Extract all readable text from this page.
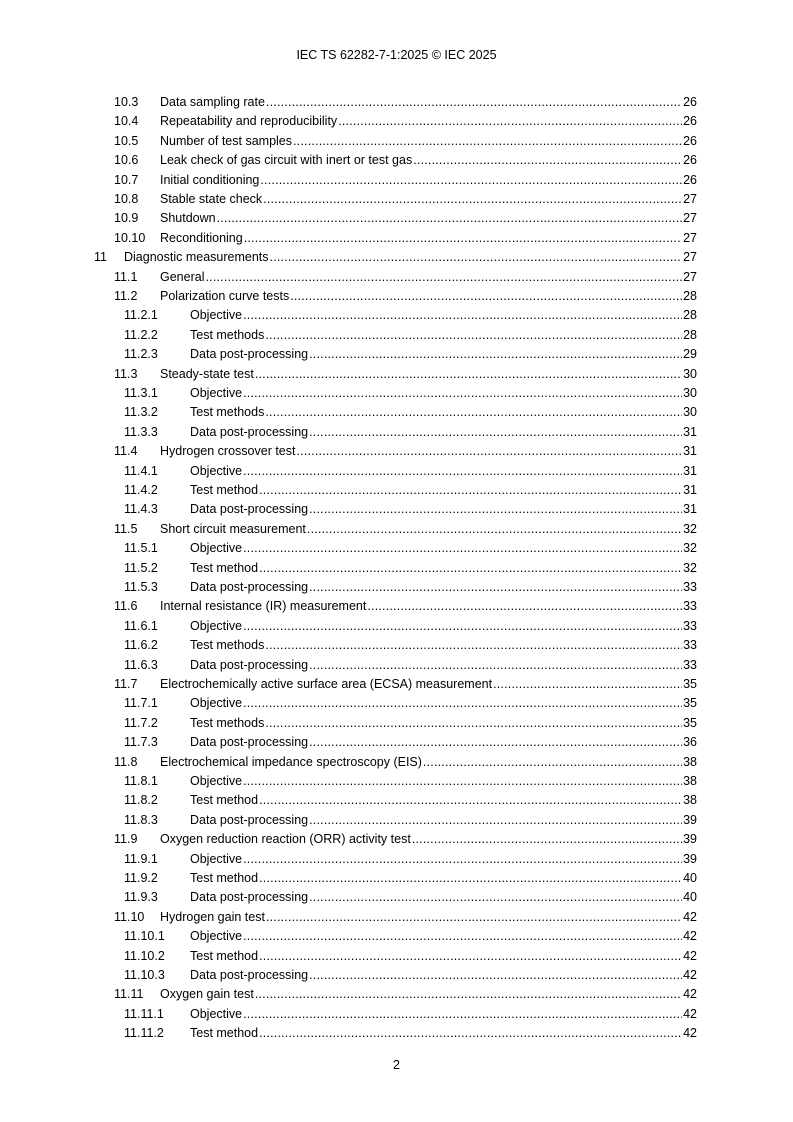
IEC TS 62282-7-1:2025 © IEC 2025
10.3	Data sampling rate .....	26
10.4	Repeatability and reproducibility .....	26
10.5	Number of test samples .....	26
10.6	Leak check of gas circuit with inert or test gas .....	26
10.7	Initial conditioning .....	26
10.8	Stable state check .....	27
10.9	Shutdown .....	27
10.10	Reconditioning .....	27
11	Diagnostic measurements .....	27
11.1	General .....	27
11.2	Polarization curve tests .....	28
11.2.1	Objective .....	28
11.2.2	Test methods .....	28
11.2.3	Data post-processing .....	29
11.3	Steady-state test .....	30
11.3.1	Objective .....	30
11.3.2	Test methods .....	30
11.3.3	Data post-processing .....	31
11.4	Hydrogen crossover test .....	31
11.4.1	Objective .....	31
11.4.2	Test method .....	31
11.4.3	Data post-processing .....	31
11.5	Short circuit measurement .....	32
11.5.1	Objective .....	32
11.5.2	Test method .....	32
11.5.3	Data post-processing .....	33
11.6	Internal resistance (IR) measurement .....	33
11.6.1	Objective .....	33
11.6.2	Test methods .....	33
11.6.3	Data post-processing .....	33
11.7	Electrochemically active surface area (ECSA) measurement .....	35
11.7.1	Objective .....	35
11.7.2	Test methods .....	35
11.7.3	Data post-processing .....	36
11.8	Electrochemical impedance spectroscopy (EIS) .....	38
11.8.1	Objective .....	38
11.8.2	Test method .....	38
11.8.3	Data post-processing .....	39
11.9	Oxygen reduction reaction (ORR) activity test .....	39
11.9.1	Objective .....	39
11.9.2	Test method .....	40
11.9.3	Data post-processing .....	40
11.10	Hydrogen gain test .....	42
11.10.1	Objective .....	42
11.10.2	Test method .....	42
11.10.3	Data post-processing .....	42
11.11	Oxygen gain test .....	42
11.11.1	Objective .....	42
11.11.2	Test method .....	42
2
